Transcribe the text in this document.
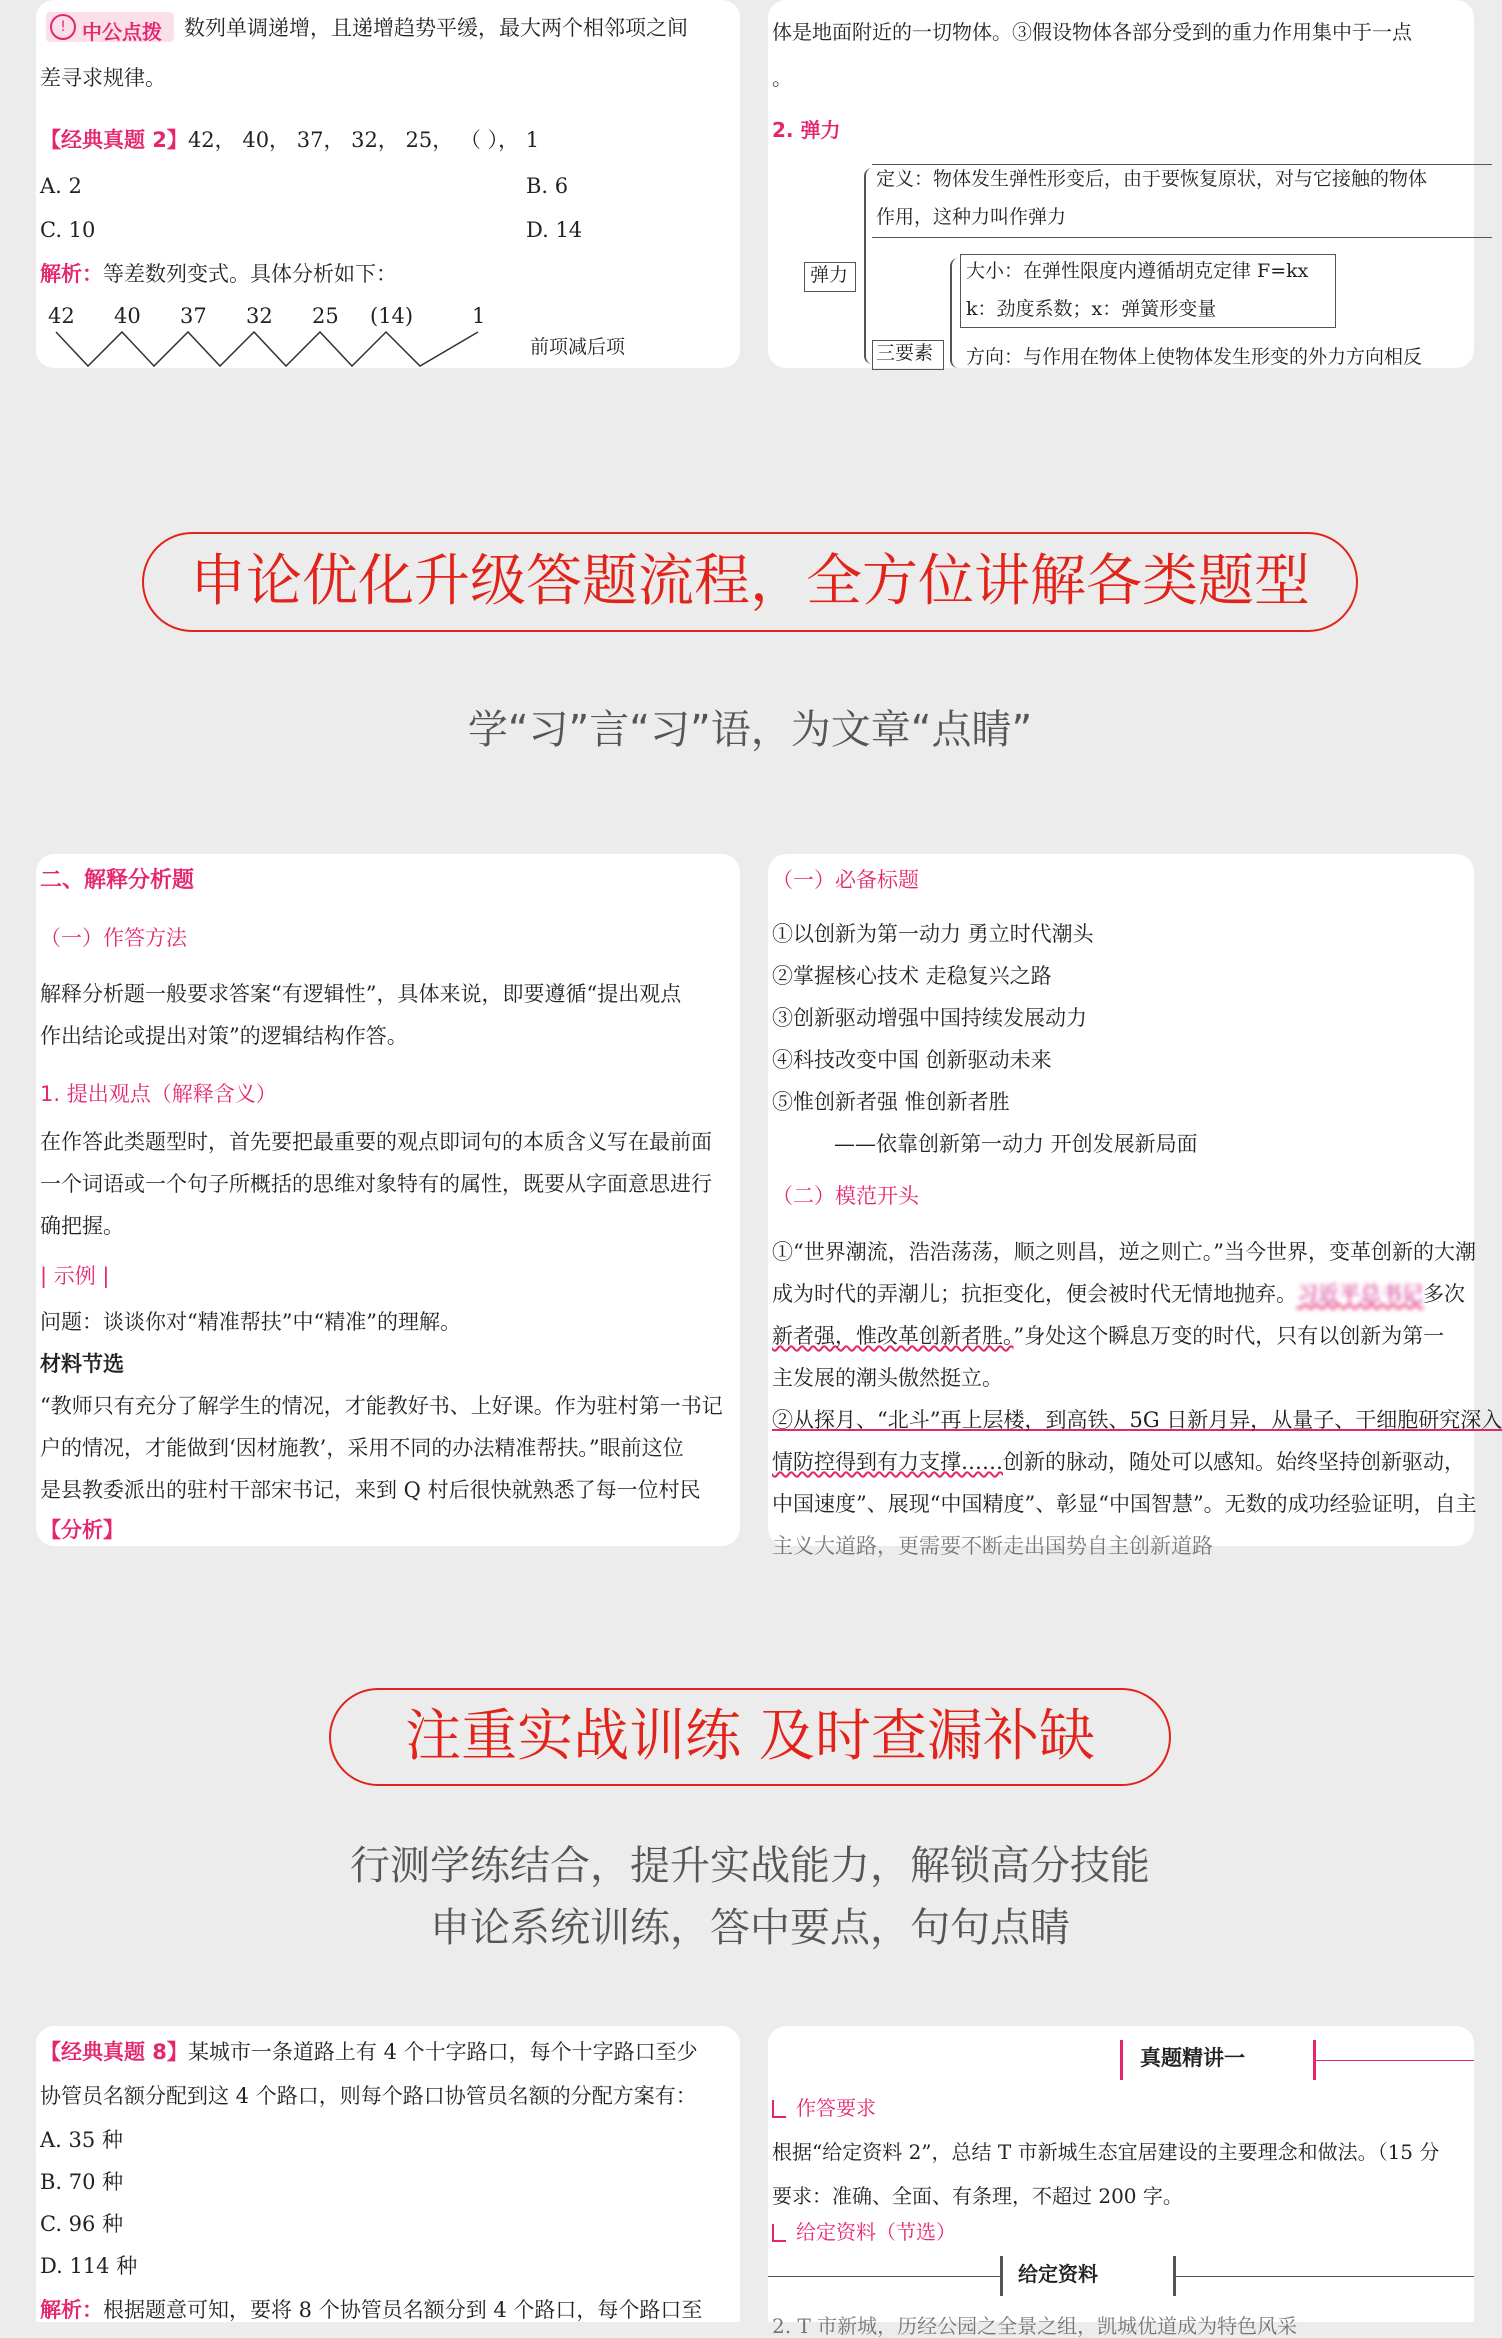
! 中公点拨 数列单调递增，且递增趋势平缓，最大两个相邻项之间
差寻求规律。
【经典真题 2】42， 40， 37， 32， 25， （ ）， 1
A. 2	B. 6
C. 10	D. 14
解析：等差数列变式。具体分析如下：
42 40 37 32 25 (14)	1
前项减后项
体是地面附近的一切物体。③假设物体各部分受到的重力作用集中于一点
。
2. 弹力
定义：物体发生弹性形变后，由于要恢复原状，对与它接触的物体
作用，这种力叫作弹力
弹力	大小：在弹性限度内遵循胡克定律 F=kx
k：劲度系数；x：弹簧形变量
三要素 方向：与作用在物体上使物体发生形变的外力方向相反
申论优化升级答题流程，全方位讲解各类题型
学“习”言“习”语，为文章“点睛”
二、解释分析题
（一）作答方法
解释分析题一般要求答案“有逻辑性”，具体来说，即要遵循“提出观点
作出结论或提出对策”的逻辑结构作答。
1. 提出观点（解释含义）
在作答此类题型时，首先要把最重要的观点即词句的本质含义写在最前面
一个词语或一个句子所概括的思维对象特有的属性，既要从字面意思进行
确把握。
| 示例 |
问题：谈谈你对“精准帮扶”中“精准”的理解。
材料节选
“教师只有充分了解学生的情况，才能教好书、上好课。作为驻村第一书记
户的情况，才能做到‘因材施教’，采用不同的办法精准帮扶。”眼前这位
是县教委派出的驻村干部宋书记，来到 Q 村后很快就熟悉了每一位村民
【分析】
（一）必备标题
①以创新为第一动力 勇立时代潮头
②掌握核心技术 走稳复兴之路
③创新驱动增强中国持续发展动力
④科技改变中国 创新驱动未来
⑤惟创新者强 惟创新者胜
——依靠创新第一动力 开创发展新局面
（二）模范开头
①“世界潮流，浩浩荡荡，顺之则昌，逆之则亡。”当今世界，变革创新的大潮
成为时代的弄潮儿；抗拒变化，便会被时代无情地抛弃。习近平总书记多次
新者强，惟改革创新者胜。”身处这个瞬息万变的时代，只有以创新为第一
主发展的潮头傲然挺立。
②从探月、“北斗”再上层楼，到高铁、5G 日新月异，从量子、干细胞研究深入
情防控得到有力支撑……创新的脉动，随处可以感知。始终坚持创新驱动，
中国速度”、展现“中国精度”、彰显“中国智慧”。无数的成功经验证明，自主
主义大道路，更需要不断走出国势自主创新道路
注重实战训练 及时查漏补缺
行测学练结合，提升实战能力，解锁高分技能
申论系统训练，答中要点，句句点睛
【经典真题 8】某城市一条道路上有 4 个十字路口，每个十字路口至少
协管员名额分配到这 4 个路口，则每个路口协管员名额的分配方案有：
A. 35 种
B. 70 种
C. 96 种
D. 114 种
解析：根据题意可知，要将 8 个协管员名额分到 4 个路口，每个路口至
真题精讲一
作答要求
根据“给定资料 2”，总结 T 市新城生态宜居建设的主要理念和做法。（15 分
要求：准确、全面、有条理，不超过 200 字。
给定资料（节选）
给定资料
2. T 市新城，历经公园之全景之组，凯城优道成为特色风采
